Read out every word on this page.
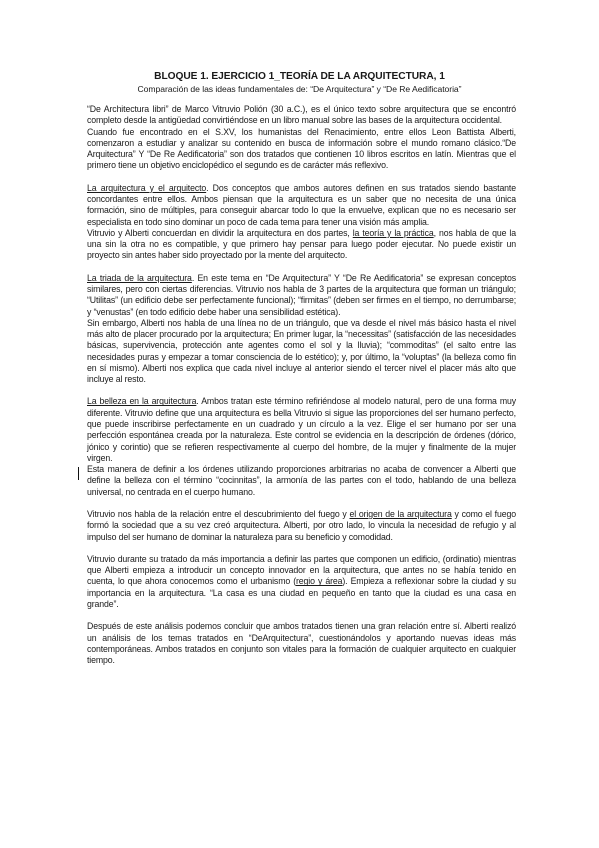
BLOQUE 1. EJERCICIO 1_TEORÍA DE LA ARQUITECTURA, 1
Comparación de las ideas fundamentales de: “De Arquitectura” y “De Re Aedificatoria”

“De Architectura libri” de Marco Vitruvio Polión (30 a.C.), es el único texto sobre arquitectura que se encontró completo desde la antigüedad convirtiéndose en un libro manual sobre las bases de la arquitectura occidental.

Cuando fue encontrado en el S.XV, los humanistas del Renacimiento, entre ellos Leon Battista Alberti, comenzaron a estudiar y analizar su contenido en busca de información sobre el mundo romano clásico.“De Arquitectura” Y “De Re Aedificatoria” son dos tratados que contienen 10 libros escritos en latín. Mientras que el primero tiene un objetivo enciclopédico el segundo es de carácter más reflexivo.

La arquitectura y el arquitecto. Dos conceptos que ambos autores definen en sus tratados siendo bastante concordantes entre ellos. Ambos piensan que la arquitectura es un saber que no necesita de una única formación, sino de múltiples, para conseguir abarcar todo lo que la envuelve, explican que no es necesario ser especialista en todo sino dominar un poco de cada tema para tener una visión más amplia.

Vitruvio y Alberti concuerdan en dividir la arquitectura en dos partes, la teoría y la práctica, nos habla de que la una sin la otra no es compatible, y que primero hay pensar para luego poder ejecutar. No puede existir un proyecto sin antes haber sido proyectado por la mente del arquitecto.

La triada de la arquitectura. En este tema en “De Arquitectura” Y “De Re Aedificatoria” se expresan conceptos similares, pero con ciertas diferencias. Vitruvio nos habla de 3 partes de la arquitectura que forman un triángulo; “Utilitas” (un edificio debe ser perfectamente funcional); “firmitas” (deben ser firmes en el tiempo, no derrumbarse; y “venustas” (en todo edificio debe haber una sensibilidad estética).

Sin embargo, Alberti nos habla de una línea no de un triángulo, que va desde el nivel más básico hasta el nivel más alto de placer procurado por la arquitectura; En primer lugar, la “necessitas” (satisfacción de las necesidades básicas, supervivencia, protección ante agentes como el sol y la lluvia); “commoditas” (el salto entre las necesidades puras y empezar a tomar consciencia de lo estético); y, por último, la “voluptas” (la belleza como fin en sí mismo). Alberti nos explica que cada nivel incluye al anterior siendo el tercer nivel el placer más alto que incluye al resto.

La belleza en la arquitectura. Ambos tratan este término refiriéndose al modelo natural, pero de una forma muy diferente. Vitruvio define que una arquitectura es bella Vitruvio si sigue las proporciones del ser humano perfecto, que puede inscribirse perfectamente en un cuadrado y un círculo a la vez. Elige el ser humano por ser una perfección espontánea creada por la naturaleza. Este control se evidencia en la descripción de órdenes (dórico, jónico y corintio) que se refieren respectivamente al cuerpo del hombre, de la mujer y finalmente de la mujer virgen.

Esta manera de definir a los órdenes utilizando proporciones arbitrarias no acaba de convencer a Alberti que define la belleza con el término “cocinnitas”, la armonía de las partes con el todo, hablando de una belleza universal, no centrada en el cuerpo humano.

Vitruvio nos habla de la relación entre el descubrimiento del fuego y el origen de la arquitectura y como el fuego formó la sociedad que a su vez creó arquitectura. Alberti, por otro lado, lo vincula la necesidad de refugio y al impulso del ser humano de dominar la naturaleza para su beneficio y comodidad.

Vitruvio durante su tratado da más importancia a definir las partes que componen un edificio, (ordinatio) mientras que Alberti empieza a introducir un concepto innovador en la arquitectura, que antes no se había tenido en cuenta, lo que ahora conocemos como el urbanismo (regio y área). Empieza a reflexionar sobre la ciudad y su importancia en la arquitectura. “La casa es una ciudad en pequeño en tanto que la ciudad es una casa en grande”.

Después de este análisis podemos concluir que ambos tratados tienen una gran relación entre sí. Alberti realizó un análisis de los temas tratados en “DeArquitectura”, cuestionándolos y aportando nuevas ideas más contemporáneas. Ambos tratados en conjunto son vitales para la formación de cualquier arquitecto en cualquier tiempo.
